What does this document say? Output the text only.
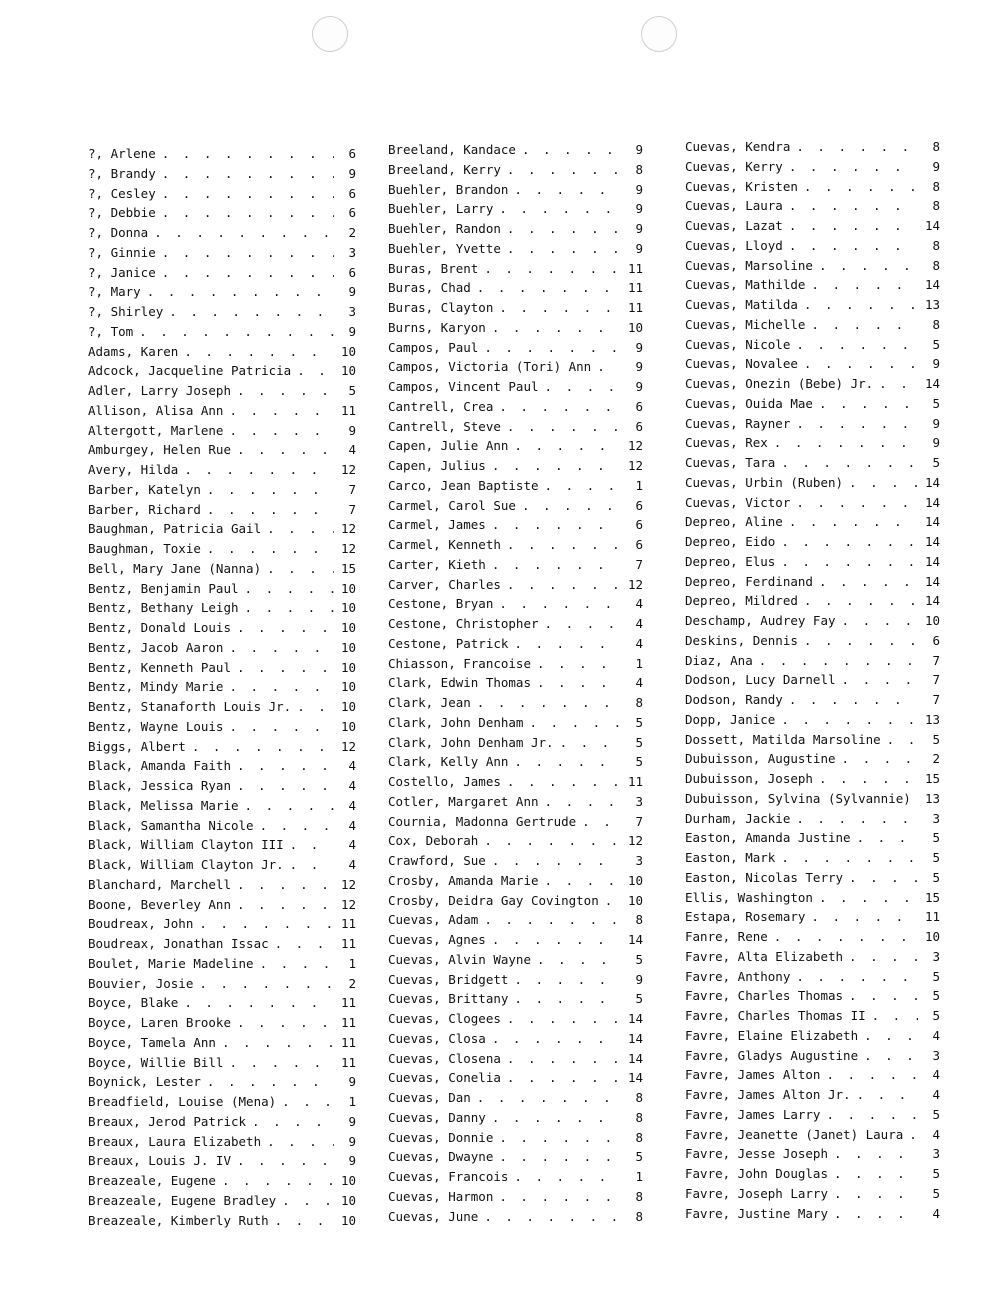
?, Arlene . . .	6
?, Brandy . . .	9
?, Cesley . . .	6
?, Debbie . . .	6
?, Donna . . .	2
?, Ginnie . . .	3
?, Janice . . .	6
?, Mary . . .	9
?, Shirley . . .	3
?, Tom . . .	9
Adams, Karen . . .	10
Adcock, Jacqueline Patricia . . .	10
Adler, Larry Joseph . . .	5
Allison, Alisa Ann . . .	11
Altergott, Marlene . . .	9
Amburgey, Helen Rue . . .	4
Avery, Hilda . . .	12
Barber, Katelyn . . .	7
Barber, Richard . . .	7
Baughman, Patricia Gail . . .	12
Baughman, Toxie . . .	12
Bell, Mary Jane (Nanna) . . .	15
Bentz, Benjamin Paul . . .	10
Bentz, Bethany Leigh . . .	10
Bentz, Donald Louis . . .	10
Bentz, Jacob Aaron . . .	10
Bentz, Kenneth Paul . . .	10
Bentz, Mindy Marie . . .	10
Bentz, Stanaforth Louis Jr. . . .	10
Bentz, Wayne Louis . . .	10
Biggs, Albert . . .	12
Black, Amanda Faith . . .	4
Black, Jessica Ryan . . .	4
Black, Melissa Marie . . .	4
Black, Samantha Nicole . . .	4
Black, William Clayton III . . .	4
Black, William Clayton Jr. . . .	4
Blanchard, Marchell . . .	12
Boone, Beverley Ann . . .	12
Boudreax, John . . .	11
Boudreax, Jonathan Issac . . .	11
Boulet, Marie Madeline . . .	1
Bouvier, Josie . . .	2
Boyce, Blake . . .	11
Boyce, Laren Brooke . . .	11
Boyce, Tamela Ann . . .	11
Boyce, Willie Bill . . .	11
Boynick, Lester . . .	9
Breadfield, Louise (Mena) . . .	1
Breaux, Jerod Patrick . . .	9
Breaux, Laura Elizabeth . . .	9
Breaux, Louis J. IV . . .	9
Breazeale, Eugene . . .	10
Breazeale, Eugene Bradley . . .	10
Breazeale, Kimberly Ruth . . .	10
Breeland, Kandace . . .	9
Breeland, Kerry . . .	8
Buehler, Brandon . . .	9
Buehler, Larry . . .	9
Buehler, Randon . . .	9
Buehler, Yvette . . .	9
Buras, Brent . . .	11
Buras, Chad . . .	11
Buras, Clayton . . .	11
Burns, Karyon . . .	10
Campos, Paul . . .	9
Campos, Victoria (Tori) Ann . . .	9
Campos, Vincent Paul . . .	9
Cantrell, Crea . . .	6
Cantrell, Steve . . .	6
Capen, Julie Ann . . .	12
Capen, Julius . . .	12
Carco, Jean Baptiste . . .	1
Carmel, Carol Sue . . .	6
Carmel, James . . .	6
Carmel, Kenneth . . .	6
Carter, Kieth . . .	7
Carver, Charles . . .	12
Cestone, Bryan . . .	4
Cestone, Christopher . . .	4
Cestone, Patrick . . .	4
Chiasson, Francoise . . .	1
Clark, Edwin Thomas . . .	4
Clark, Jean . . .	8
Clark, John Denham . . .	5
Clark, John Denham Jr. . . .	5
Clark, Kelly Ann . . .	5
Costello, James . . .	11
Cotler, Margaret Ann . . .	3
Cournia, Madonna Gertrude . . .	7
Cox, Deborah . . .	12
Crawford, Sue . . .	3
Crosby, Amanda Marie . . .	10
Crosby, Deidra Gay Covington . . . 10
Cuevas, Adam . . .	8
Cuevas, Agnes . . .	14
Cuevas, Alvin Wayne . . .	5
Cuevas, Bridgett . . .	9
Cuevas, Brittany . . .	5
Cuevas, Clogees . . .	14
Cuevas, Closa . . .	14
Cuevas, Closena . . .	14
Cuevas, Conelia . . .	14
Cuevas, Dan . . .	8
Cuevas, Danny . . .	8
Cuevas, Donnie . . .	8
Cuevas, Dwayne . . .	5
Cuevas, Francois . . .	1
Cuevas, Harmon . . .	8
Cuevas, June . . .	8
Cuevas, Kendra . . .	8
Cuevas, Kerry . . .	9
Cuevas, Kristen . . .	8
Cuevas, Laura . . .	8
Cuevas, Lazat . . .	14
Cuevas, Lloyd . . .	8
Cuevas, Marsoline . . .	8
Cuevas, Mathilde . . .	14
Cuevas, Matilda . . .	13
Cuevas, Michelle . . .	8
Cuevas, Nicole . . .	5
Cuevas, Novalee . . .	9
Cuevas, Onezin (Bebe) Jr. . . .	14
Cuevas, Ouida Mae . . .	5
Cuevas, Rayner . . .	9
Cuevas, Rex . . .	9
Cuevas, Tara . . .	5
Cuevas, Urbin (Ruben) . . .	14
Cuevas, Victor . . .	14
Depreo, Aline . . .	14
Depreo, Eido . . .	14
Depreo, Elus . . .	14
Depreo, Ferdinand . . .	14
Depreo, Mildred . . .	14
Deschamp, Audrey Fay . . .	10
Deskins, Dennis . . .	6
Diaz, Ana . . .	7
Dodson, Lucy Darnell . . .	7
Dodson, Randy . . .	7
Dopp, Janice . . .	13
Dossett, Matilda Marsoline . . .	5
Dubuisson, Augustine . . .	2
Dubuisson, Joseph . . .	15
Dubuisson, Sylvina (Sylvannie) . . . 13
Durham, Jackie . . .	3
Easton, Amanda Justine . . .	5
Easton, Mark . . .	5
Easton, Nicolas Terry . . .	5
Ellis, Washington . . .	15
Estapa, Rosemary . . .	11
Fanre, Rene . . .	10
Favre, Alta Elizabeth . . .	3
Favre, Anthony . . .	5
Favre, Charles Thomas . . .	5
Favre, Charles Thomas II . . .	5
Favre, Elaine Elizabeth . . .	4
Favre, Gladys Augustine . . .	3
Favre, James Alton . . .	4
Favre, James Alton Jr. . . .	4
Favre, James Larry . . .	5
Favre, Jeanette (Janet) Laura . . .	4
Favre, Jesse Joseph . . .	3
Favre, John Douglas . . .	5
Favre, Joseph Larry . . .	5
Favre, Justine Mary . . .	4
